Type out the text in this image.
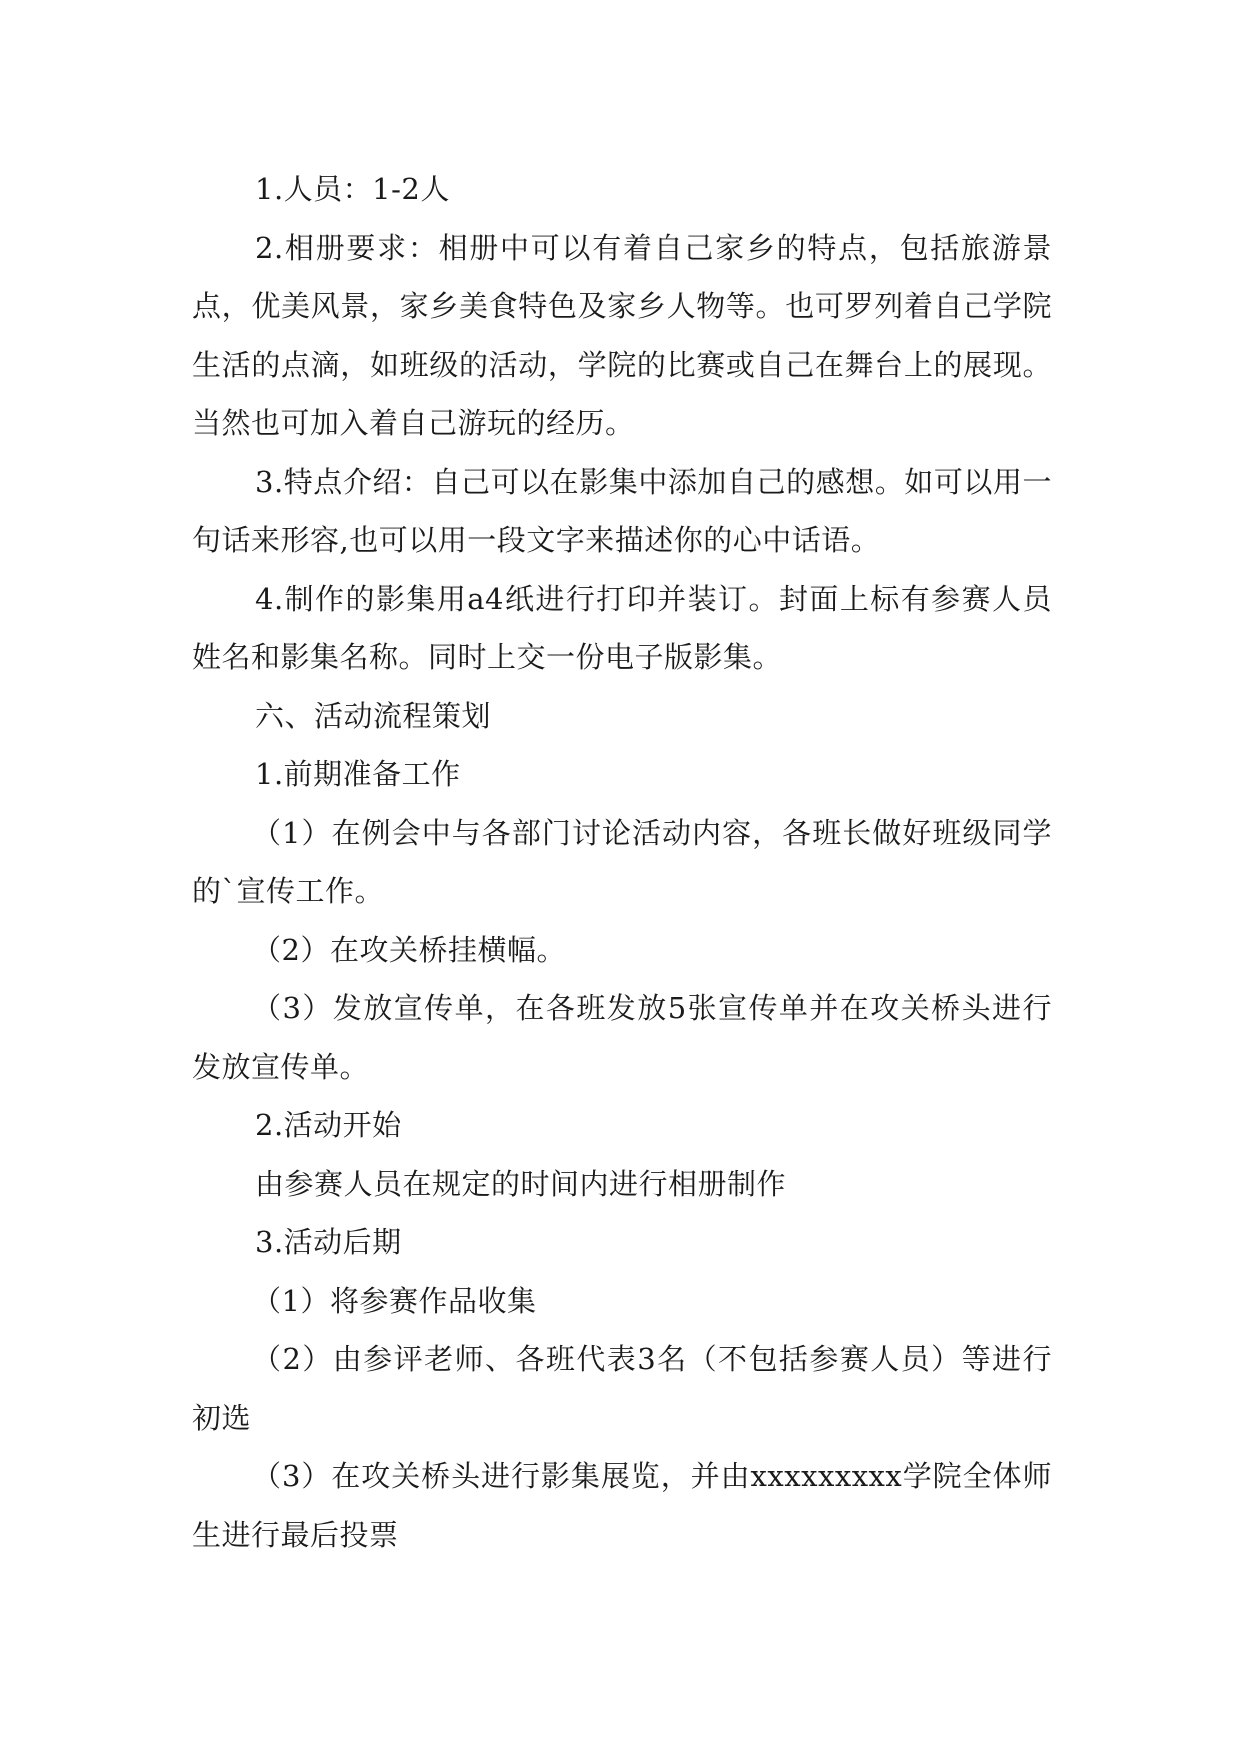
1.人员：1-2人

2.相册要求：相册中可以有着自己家乡的特点，包括旅游景点，优美风景，家乡美食特色及家乡人物等。也可罗列着自己学院生活的点滴，如班级的活动，学院的比赛或自己在舞台上的展现。当然也可加入着自己游玩的经历。

3.特点介绍：自己可以在影集中添加自己的感想。如可以用一句话来形容,也可以用一段文字来描述你的心中话语。

4.制作的影集用a4纸进行打印并装订。封面上标有参赛人员姓名和影集名称。同时上交一份电子版影集。

六、活动流程策划

1.前期准备工作

（1）在例会中与各部门讨论活动内容，各班长做好班级同学的`宣传工作。

（2）在攻关桥挂横幅。

（3）发放宣传单，在各班发放5张宣传单并在攻关桥头进行发放宣传单。

2.活动开始

由参赛人员在规定的时间内进行相册制作

3.活动后期

（1）将参赛作品收集

（2）由参评老师、各班代表3名（不包括参赛人员）等进行初选

（3）在攻关桥头进行影集展览，并由xxxxxxxxx学院全体师生进行最后投票
